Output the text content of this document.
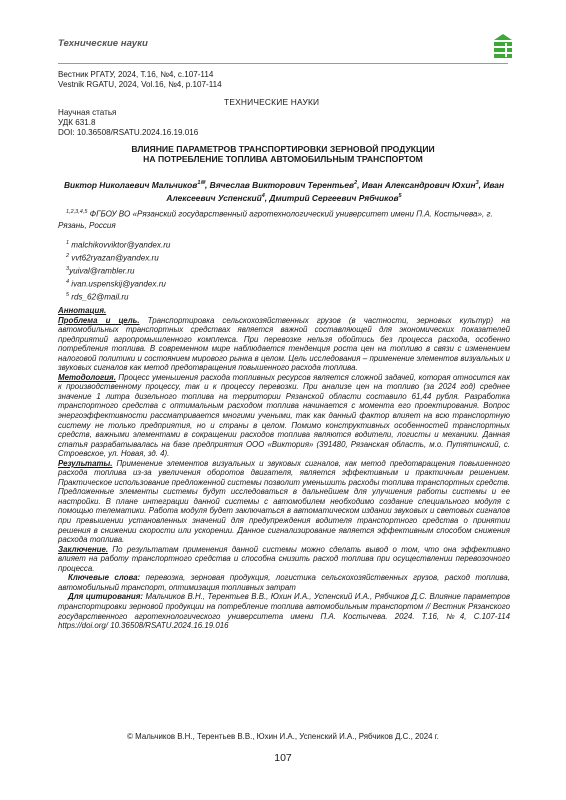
Технические науки
Вестник РГАТУ, 2024, Т.16, №4, с.107-114
Vestnik RGATU, 2024, Vol.16, №4, p.107-114
ТЕХНИЧЕСКИЕ НАУКИ
Научная статья
УДК 631.8
DOI: 10.36508/RSATU.2024.16.19.016
ВЛИЯНИЕ ПАРАМЕТРОВ ТРАНСПОРТИРОВКИ ЗЕРНОВОЙ ПРОДУКЦИИ
НА ПОТРЕБЛЕНИЕ ТОПЛИВА АВТОМОБИЛЬНЫМ ТРАНСПОРТОМ
Виктор Николаевич Мальчиков$^{1✉}$, Вячеслав Викторович Терентьев$^2$, Иван Александрович Юхин$^3$, Иван Алексеевич Успенский$^4$, Дмитрий Сергеевич Рябчиков$^5$
$^{1,2,3,4,5}$ ФГБОУ ВО «Рязанский государственный агротехнологический университет имени П.А. Костычева», г. Рязань, Россия
$^1$ malchikovviktor@yandex.ru
$^2$ vvt62ryazan@yandex.ru
$^3$yuival@rambler.ru
$^4$ ivan.uspenskij@yandex.ru
$^5$ rds_62@mail.ru

Аннотация.

Проблема и цель. Транспортировка сельскохозяйственных грузов (в частности, зерновых культур) на автомобильных транспортных средствах является важной составляющей для экономических показателей предприятий агропромышленного комплекса. При перевозке нельзя обойтись без процесса расхода, особенно потребления топлива. В современном мире наблюдается тенденция роста цен на топливо в связи с изменением налоговой политики и состоянием мирового рынка в целом. Цель исследования – применение элементов визуальных и звуковых сигналов как метод предотвращения повышенного расхода топлива.

Методология. Процесс уменьшения расхода топливных ресурсов является сложной задачей, которая относится как к производственному процессу, так и к процессу перевозки. При анализе цен на топливо (за 2024 год) среднее значение 1 литра дизельного топлива на территории Рязанской области составило 61,44 рубля. Разработка транспортного средства с оптимальным расходом топлива начинается с момента его проектирования. Вопрос энергоэффективности рассматривается многими учеными, так как данный фактор влияет на всю транспортную систему не только предприятия, но и страны в целом. Помимо конструктивных особенностей транспортных средств, важными элементами в сокращении расходов топлива являются водители, логисты и механики. Данная статья разрабатывалась на базе предприятия ООО «Виктория» (391480, Рязанская область, м.о. Путятинский, с. Строевское, ул. Новая, зд. 4).

Результаты. Применение элементов визуальных и звуковых сигналов, как метод предотвращения повышенного расхода топлива из-за увеличения оборотов двигателя, является эффективным и практичным решением. Практическое использование предложенной системы позволит уменьшить расходы топлива транспортных средств. Предложенные элементы системы будут исследоваться в дальнейшем для улучшения работы системы и ее настройки. В плане интеграции данной системы с автомобилем необходимо создание специального модуля с помощью телематики. Работа модуля будет заключаться в автоматическом издании звуковых и световых сигналов при превышении установленных значений для предупреждения водителя транспортного средства о принятии решения в снижении скорости или ускорении. Данное сигнализирование является эффективным способом снижения расхода топлива.

Заключение. По результатам применения данной системы можно сделать вывод о том, что она эффективно влияет на работу транспортного средства и способна снизить расход топлива при осуществлении перевозочного процесса.

Ключевые слова: перевозка, зерновая продукция, логистика сельскохозяйственных грузов, расход топлива, автомобильный транспорт, оптимизация топливных затрат

Для цитирования: Мальчиков В.Н., Терентьев В.В., Юхин И.А., Успенский И.А., Рябчиков Д.С. Влияние параметров транспортировки зерновой продукции на потребление топлива автомобильным транспортом // Вестник Рязанского государственного агротехнологического университета имени П.А. Костычева. 2024. Т.16, №4, С.107-114 https://doi.org/ 10.36508/RSATU.2024.16.19.016

© Мальчиков В.Н., Терентьев В.В., Юхин И.А., Успенский И.А., Рябчиков Д.С., 2024 г.
107
